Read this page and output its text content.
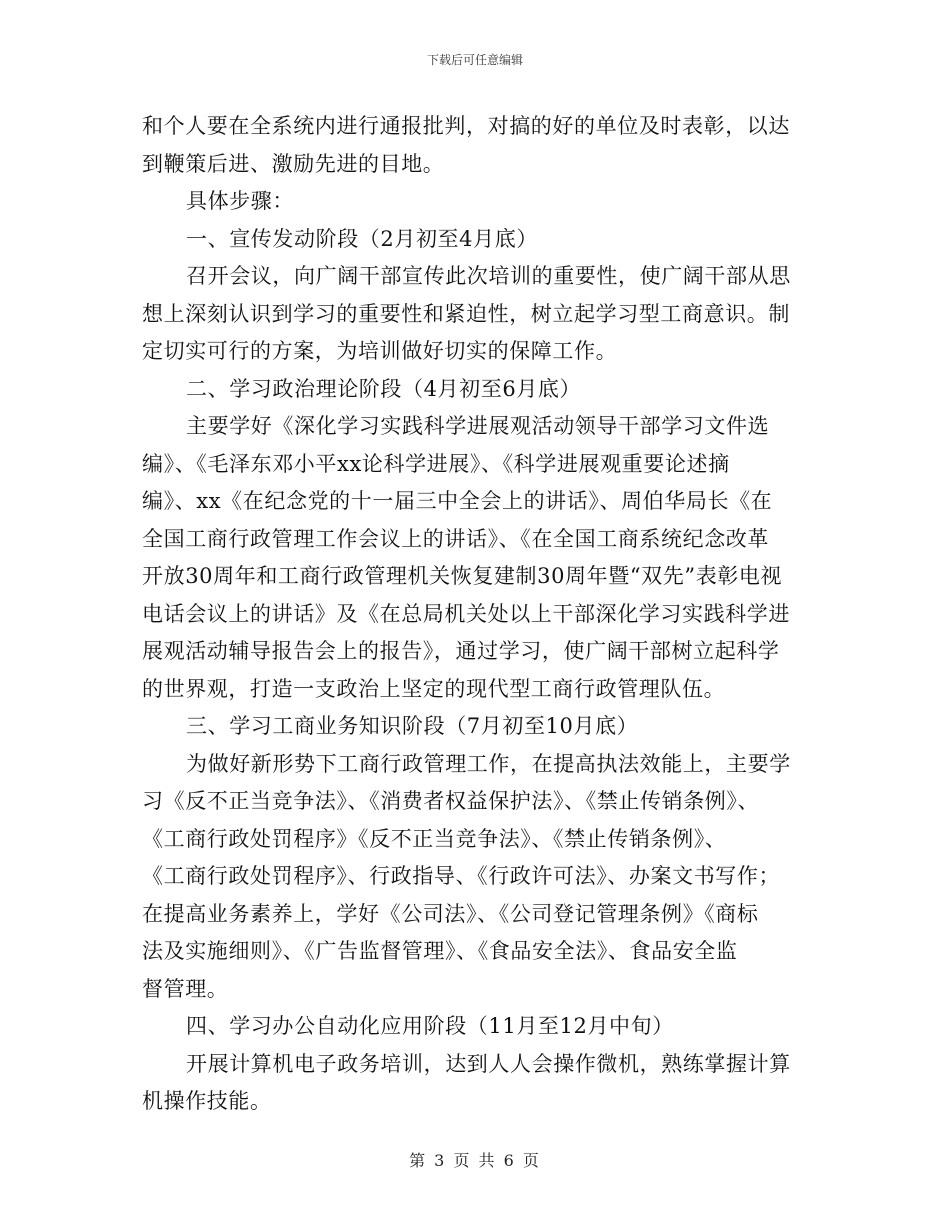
下载后可任意编辑
和个人要在全系统内进行通报批判，对搞的好的单位及时表彰，以达
到鞭策后进、激励先进的目地。
具体步骤：
一、宣传发动阶段（2月初至4月底）
召开会议，向广阔干部宣传此次培训的重要性，使广阔干部从思
想上深刻认识到学习的重要性和紧迫性，树立起学习型工商意识。制
定切实可行的方案，为培训做好切实的保障工作。
二、学习政治理论阶段（4月初至6月底）
主要学好《深化学习实践科学进展观活动领导干部学习文件选
编》、《毛泽东邓小平xx论科学进展》、《科学进展观重要论述摘
编》、xx《在纪念党的十一届三中全会上的讲话》、周伯华局长《在
全国工商行政管理工作会议上的讲话》、《在全国工商系统纪念改革
开放30周年和工商行政管理机关恢复建制30周年暨“双先”表彰电视
电话会议上的讲话》及《在总局机关处以上干部深化学习实践科学进
展观活动辅导报告会上的报告》，通过学习，使广阔干部树立起科学
的世界观，打造一支政治上坚定的现代型工商行政管理队伍。
三、学习工商业务知识阶段（7月初至10月底）
为做好新形势下工商行政管理工作，在提高执法效能上，主要学
习《反不正当竞争法》、《消费者权益保护法》、《禁止传销条例》、
《工商行政处罚程序》《反不正当竞争法》、《禁止传销条例》、
《工商行政处罚程序》、行政指导、《行政许可法》、办案文书写作；
在提高业务素养上，学好《公司法》、《公司登记管理条例》《商标
法及实施细则》、《广告监督管理》、《食品安全法》、食品安全监
督管理。
四、学习办公自动化应用阶段（11月至12月中旬）
开展计算机电子政务培训，达到人人会操作微机，熟练掌握计算
机操作技能。
第 3 页 共 6 页
